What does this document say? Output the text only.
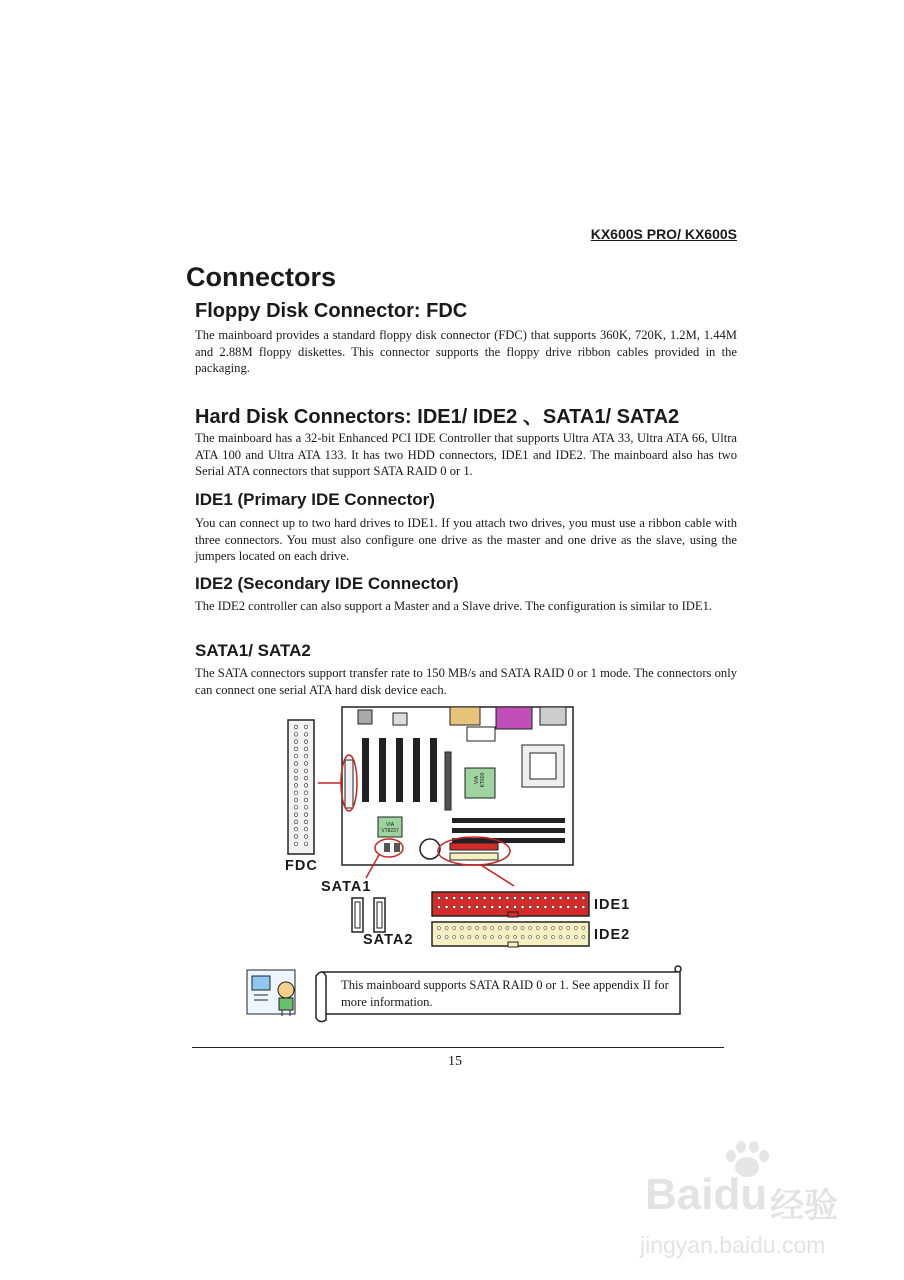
KX600S PRO/ KX600S
Connectors
Floppy Disk Connector: FDC

The mainboard provides a standard floppy disk connector (FDC) that supports 360K, 720K, 1.2M, 1.44M and 2.88M floppy diskettes. This connector supports the floppy drive ribbon cables provided in the packaging.

Hard Disk Connectors: IDE1/ IDE2 、SATA1/ SATA2

The mainboard has a 32-bit Enhanced PCI IDE Controller that supports Ultra ATA 33, Ultra ATA 66, Ultra ATA 100 and Ultra ATA 133. It has two HDD connectors, IDE1 and IDE2. The mainboard also has two Serial ATA connectors that support SATA RAID 0 or 1.

IDE1 (Primary IDE Connector)

You can connect up to two hard drives to IDE1. If you attach two drives, you must use a ribbon cable with three connectors. You must also configure one drive as the master and one drive as the slave, using the jumpers located on each drive.

IDE2 (Secondary IDE Connector)

The IDE2 controller can also support a Master and a Slave drive. The configuration is similar to IDE1.

SATA1/ SATA2

The SATA connectors support transfer rate to 150 MB/s and SATA RAID 0 or 1 mode. The connectors only can connect one serial ATA hard disk device each.

VIA KT600
VIA VT8237
FDC
SATA1
SATA2
IDE1
IDE2

This mainboard supports SATA RAID 0 or 1. See appendix II for more information.

15
Baidu 经验
jingyan.baidu.com
